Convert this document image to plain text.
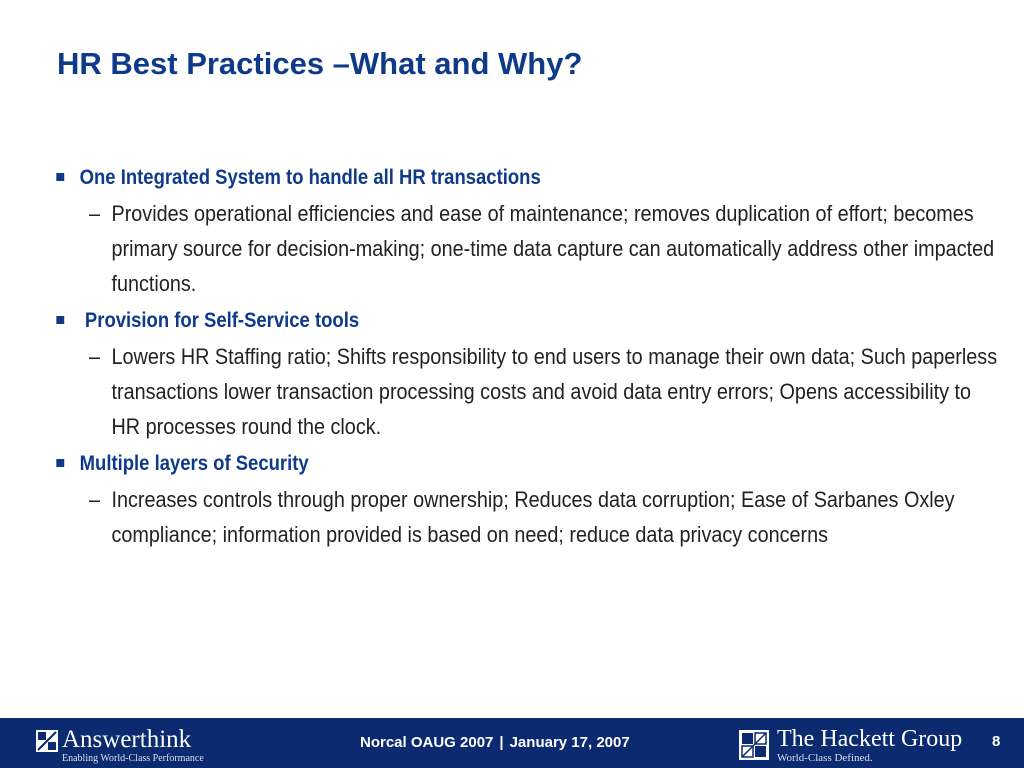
HR Best Practices –What and Why?
One Integrated System to handle all HR transactions
– Provides operational efficiencies and ease of maintenance; removes duplication of effort; becomes primary source for decision-making; one-time data capture can automatically address other impacted functions.
Provision for Self-Service tools
– Lowers HR Staffing ratio; Shifts responsibility to end users to manage their own data; Such paperless transactions lower transaction processing costs and avoid data entry errors; Opens accessibility to HR processes round the clock.
Multiple layers of Security
– Increases controls through proper ownership; Reduces data corruption; Ease of Sarbanes Oxley compliance; information provided is based on need; reduce data privacy concerns
Answerthink
Enabling World-Class Performance
Norcal OAUG 2007 | January 17, 2007	The Hackett Group
World-Class Defined.
8
